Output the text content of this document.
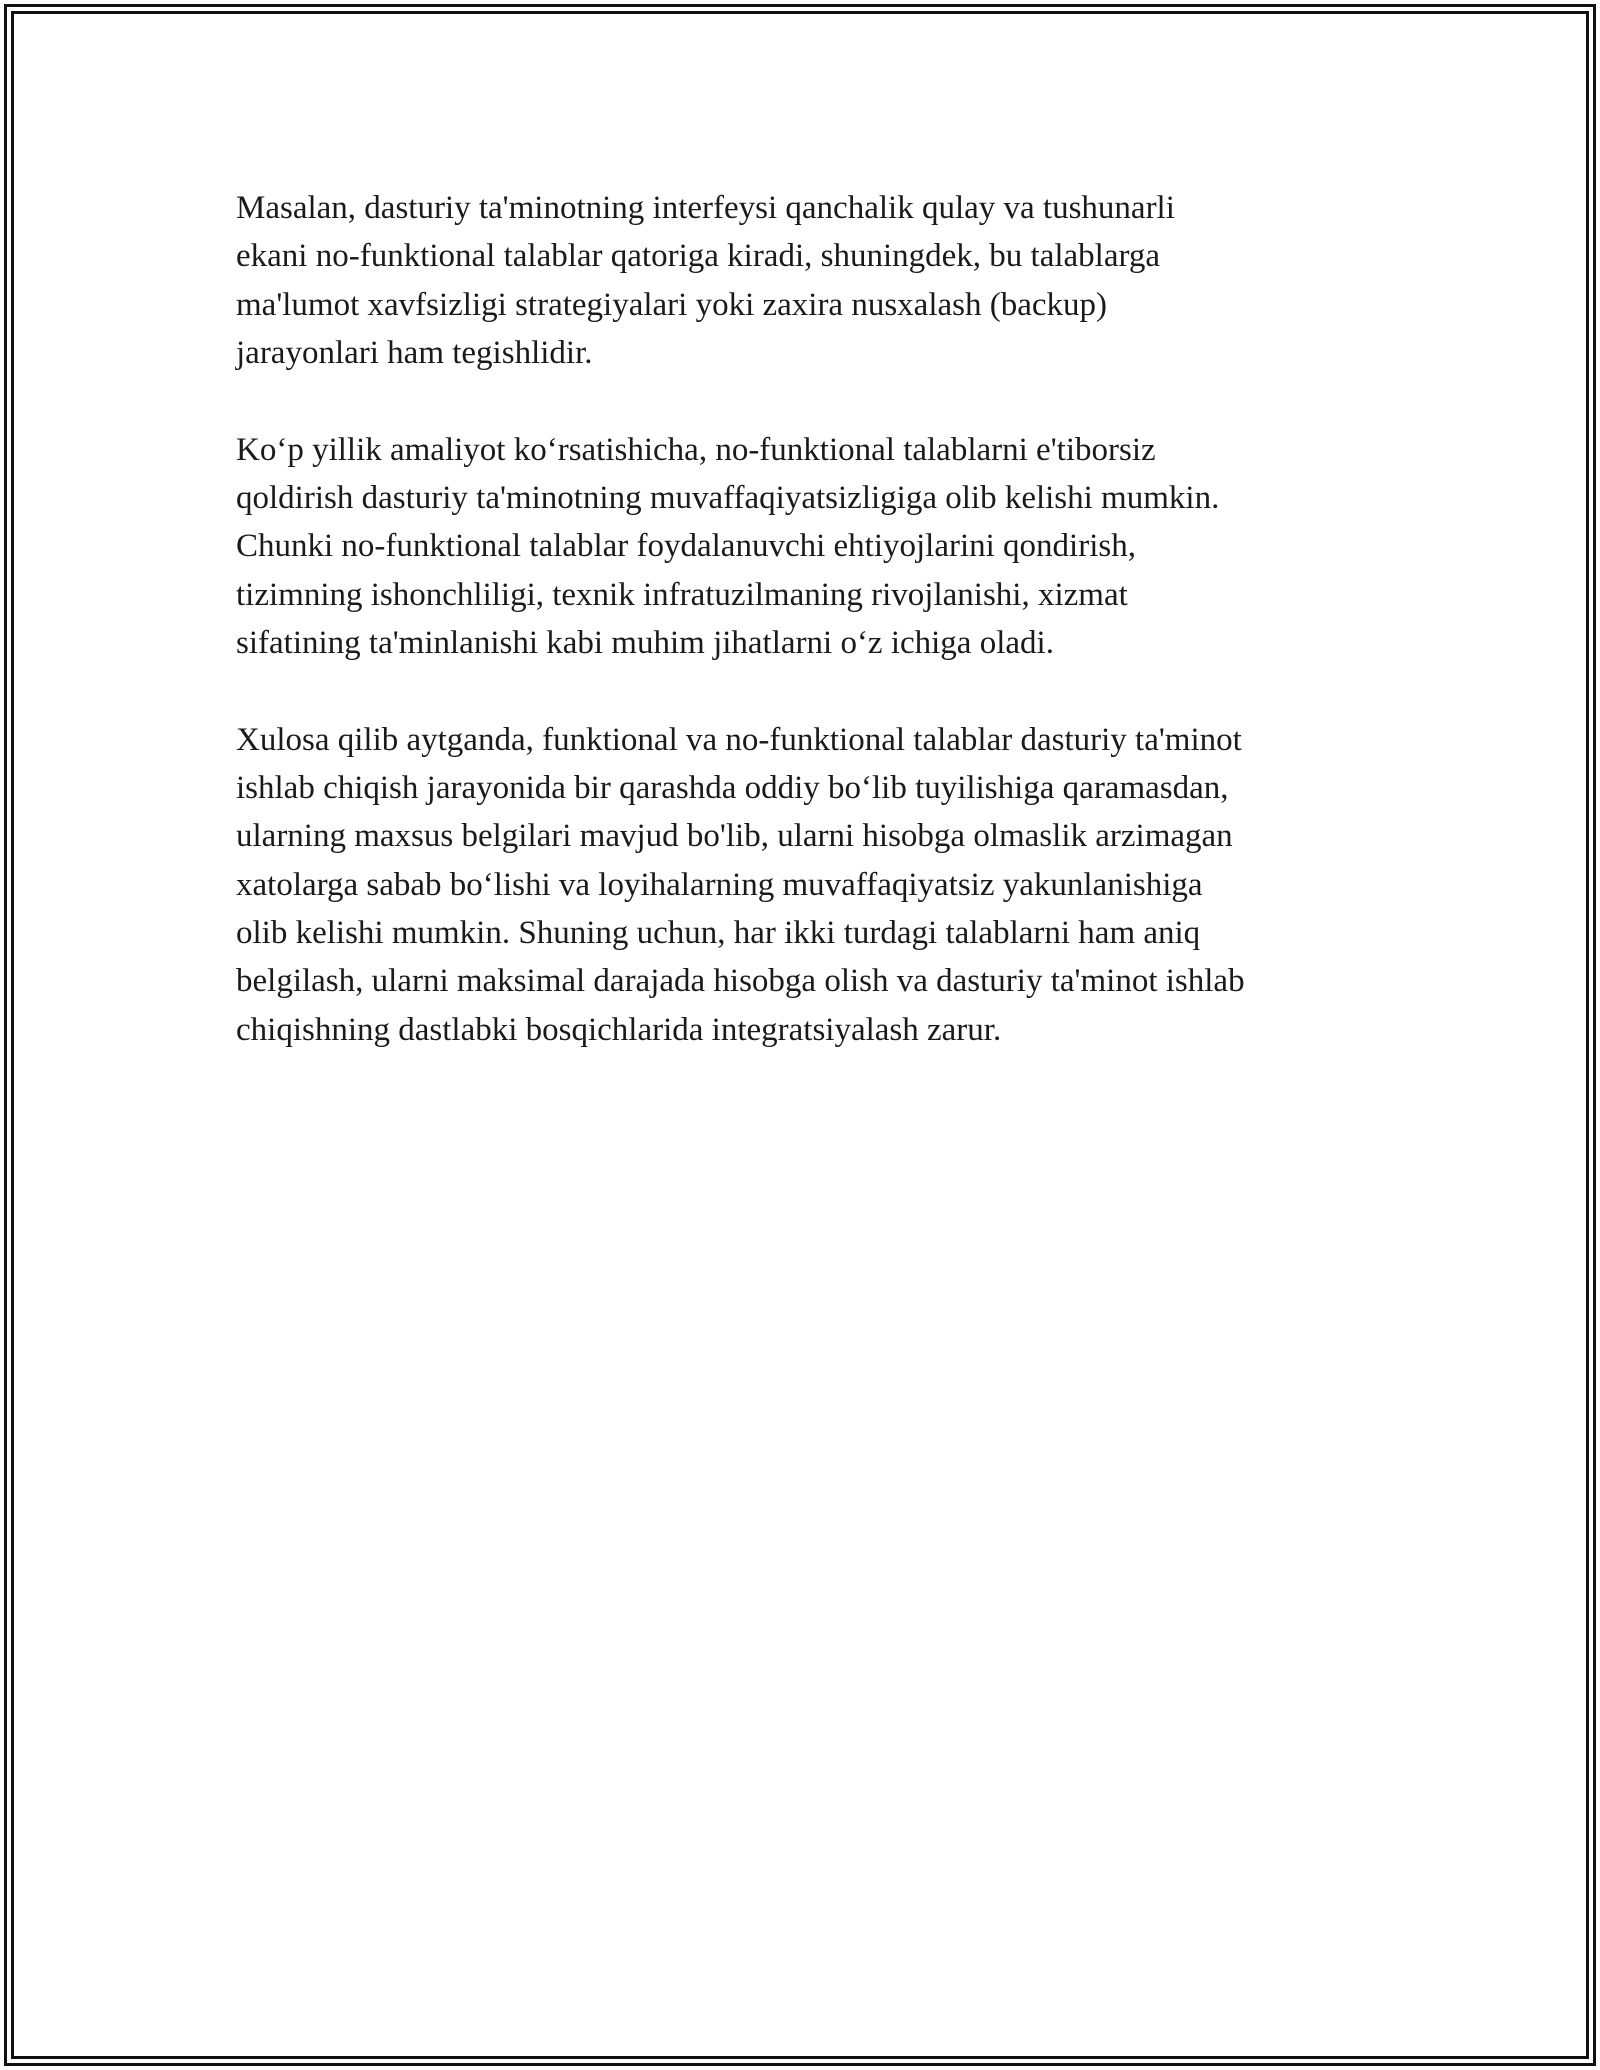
Masalan, dasturiy ta'minotning interfeysi qanchalik qulay va tushunarli
ekani no-funktional talablar qatoriga kiradi, shuningdek, bu talablarga
ma'lumot xavfsizligi strategiyalari yoki zaxira nusxalash (backup)
jarayonlari ham tegishlidir.

Koʻp yillik amaliyot koʻrsatishicha, no-funktional talablarni e'tiborsiz
qoldirish dasturiy ta'minotning muvaffaqiyatsizligiga olib kelishi mumkin.
Chunki no-funktional talablar foydalanuvchi ehtiyojlarini qondirish,
tizimning ishonchliligi, texnik infratuzilmaning rivojlanishi, xizmat
sifatining ta'minlanishi kabi muhim jihatlarni oʻz ichiga oladi.

Xulosa qilib aytganda, funktional va no-funktional talablar dasturiy ta'minot
ishlab chiqish jarayonida bir qarashda oddiy boʻlib tuyilishiga qaramasdan,
ularning maxsus belgilari mavjud bo'lib, ularni hisobga olmaslik arzimagan
xatolarga sabab boʻlishi va loyihalarning muvaffaqiyatsiz yakunlanishiga
olib kelishi mumkin. Shuning uchun, har ikki turdagi talablarni ham aniq
belgilash, ularni maksimal darajada hisobga olish va dasturiy ta'minot ishlab
chiqishning dastlabki bosqichlarida integratsiyalash zarur.
